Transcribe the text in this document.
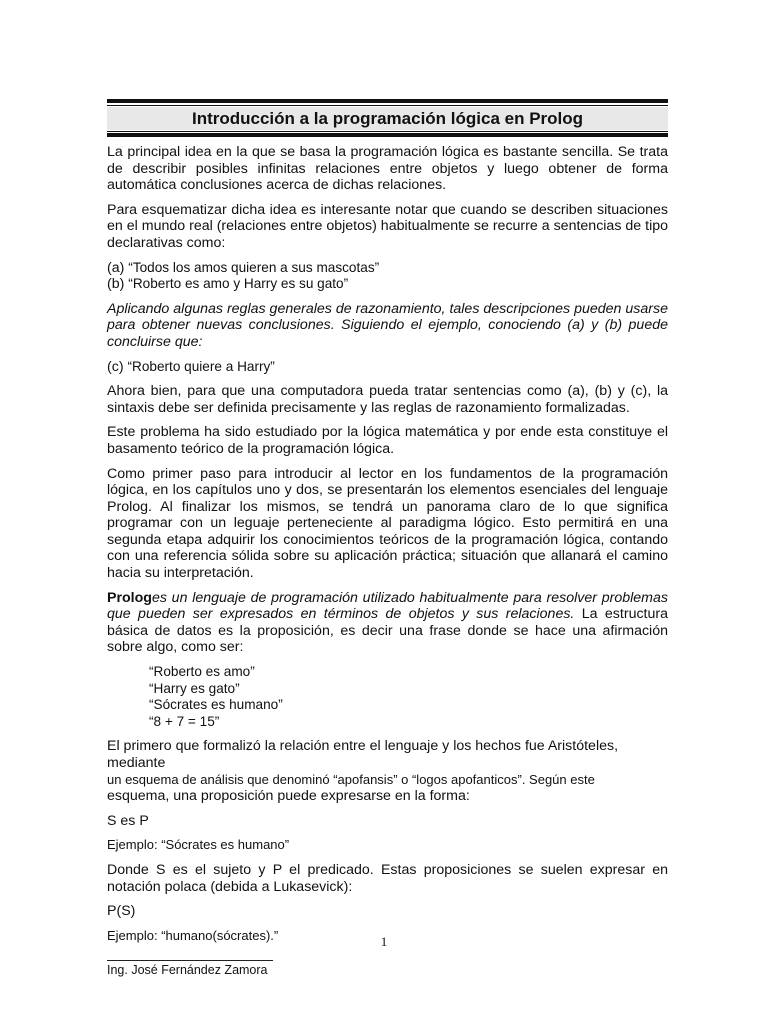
Introducción a la programación lógica en Prolog

La principal idea en la que se basa la programación lógica es bastante sencilla. Se trata de describir posibles infinitas relaciones entre objetos y luego obtener de forma automática conclusiones acerca de dichas relaciones.

Para esquematizar dicha idea es interesante notar que cuando se describen situaciones en el mundo real (relaciones entre objetos) habitualmente se recurre a sentencias de tipo declarativas como:

(a) “Todos los amos quieren a sus mascotas”
(b) “Roberto es amo y Harry es su gato”

Aplicando algunas reglas generales de razonamiento, tales descripciones pueden usarse para obtener nuevas conclusiones. Siguiendo el ejemplo, conociendo (a) y (b) puede concluirse que:

(c) “Roberto quiere a Harry”

Ahora bien, para que una computadora pueda tratar sentencias como (a), (b) y (c), la sintaxis debe ser definida precisamente y las reglas de razonamiento formalizadas.

Este problema ha sido estudiado por la lógica matemática y por ende esta constituye el basamento teórico de la programación lógica.

Como primer paso para introducir al lector en los fundamentos de la programación lógica, en los capítulos uno y dos, se presentarán los elementos esenciales del lenguaje Prolog. Al finalizar los mismos, se tendrá un panorama claro de lo que significa programar con un leguaje perteneciente al paradigma lógico. Esto permitirá en una segunda etapa adquirir los conocimientos teóricos de la programación lógica, contando con una referencia sólida sobre su aplicación práctica; situación que allanará el camino hacia su interpretación.

Prologes un lenguaje de programación utilizado habitualmente para resolver problemas que pueden ser expresados en términos de objetos y sus relaciones. La estructura básica de datos es la proposición, es decir una frase donde se hace una afirmación sobre algo, como ser:

“Roberto es amo”
“Harry es gato”
“Sócrates es humano”
“8 + 7 = 15”

El primero que formalizó la relación entre el lenguaje y los hechos fue Aristóteles, mediante
un esquema de análisis que denominó “apofansis” o “logos apofanticos”. Según este
esquema, una proposición puede expresarse en la forma:

S es P

Ejemplo: “Sócrates es humano”

Donde S es el sujeto y P el predicado. Estas proposiciones se suelen expresar en notación polaca (debida a Lukasevick):

P(S)

Ejemplo: “humano(sócrates).”	1
Ing. José Fernández Zamora
